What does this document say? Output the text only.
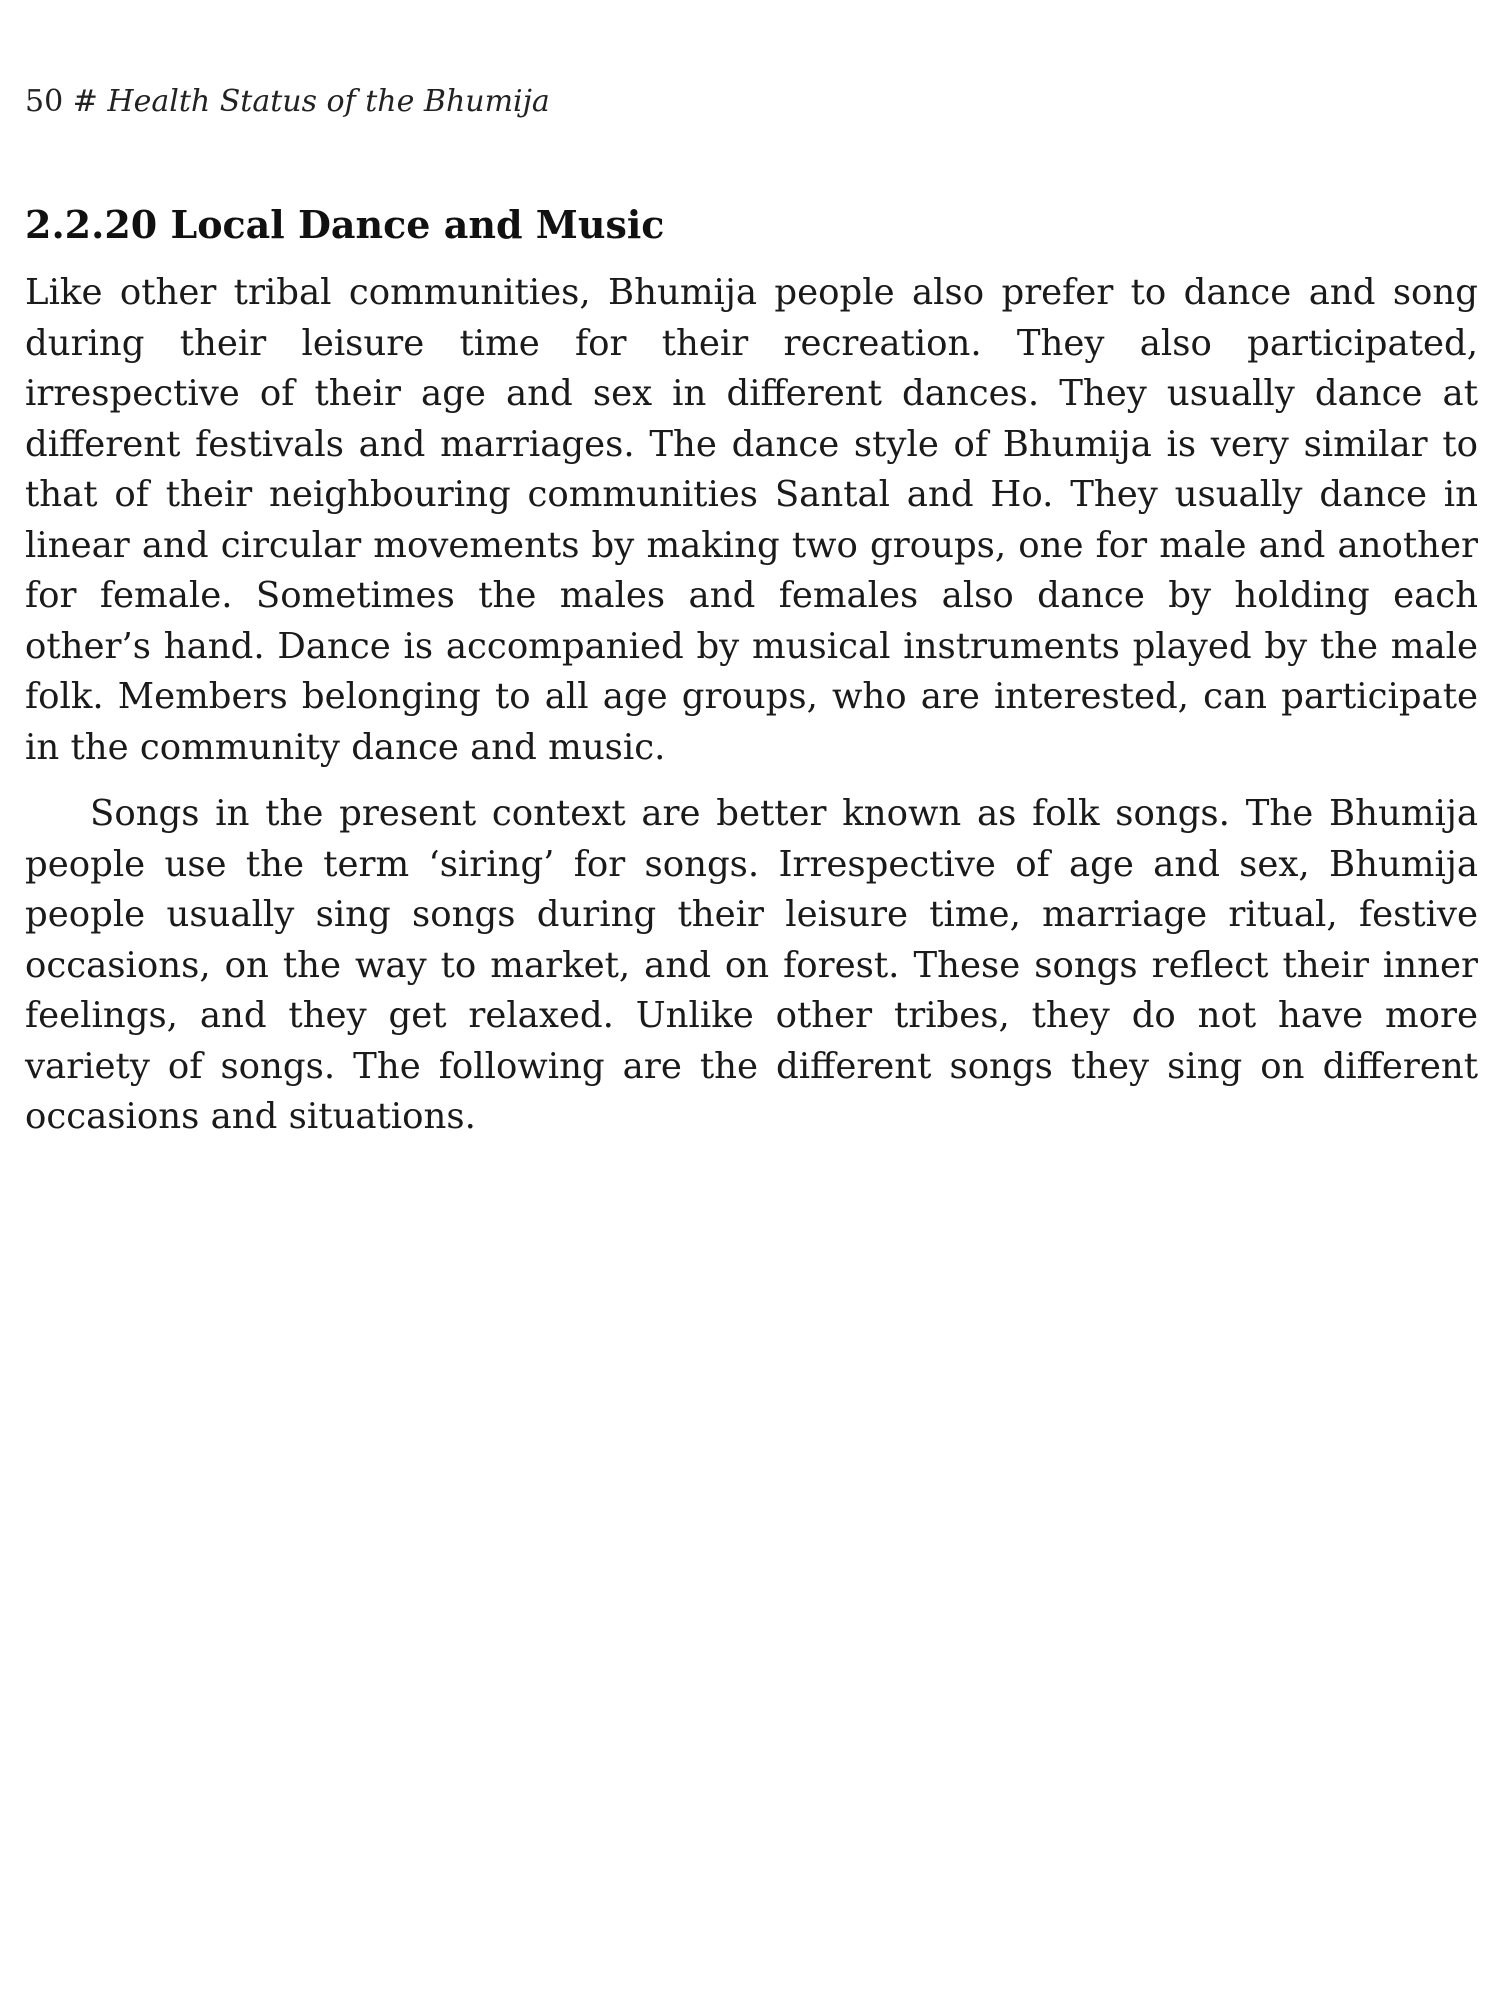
50 # Health Status of the Bhumija
2.2.20 Local Dance and Music

Like other tribal communities, Bhumija people also prefer to dance and song during their leisure time for their recreation. They also participated, irrespective of their age and sex in different dances. They usually dance at different festivals and marriages. The dance style of Bhumija is very similar to that of their neighbouring communities Santal and Ho. They usually dance in linear and circular movements by making two groups, one for male and another for female. Sometimes the males and females also dance by holding each other’s hand. Dance is accompanied by musical instruments played by the male folk. Members belonging to all age groups, who are interested, can participate in the community dance and music.

Songs in the present context are better known as folk songs. The Bhumija people use the term ‘siring’ for songs. Irrespective of age and sex, Bhumija people usually sing songs during their leisure time, marriage ritual, festive occasions, on the way to market, and on forest. These songs reflect their inner feelings, and they get relaxed. Unlike other tribes, they do not have more variety of songs. The following are the different songs they sing on different occasions and situations.
